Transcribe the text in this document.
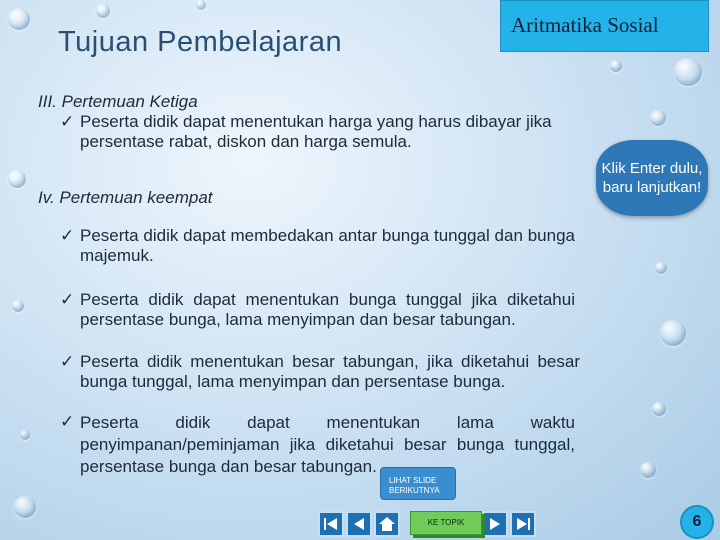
Tujuan Pembelajaran
Aritmatika Sosial
III. Pertemuan Ketiga
✓ Peserta didik dapat menentukan harga yang harus dibayar jika persentase rabat, diskon dan harga semula.
Iv. Pertemuan keempat
✓ Peserta didik dapat membedakan antar bunga tunggal dan bunga majemuk.
✓ Peserta didik dapat menentukan bunga tunggal jika diketahui persentase bunga, lama menyimpan dan besar tabungan.
✓ Peserta didik menentukan besar tabungan, jika diketahui besar bunga tunggal, lama menyimpan dan persentase bunga.
✓ Peserta didik dapat menentukan lama waktu penyimpanan/peminjaman jika diketahui besar bunga tunggal, persentase bunga dan besar tabungan.
Klik Enter dulu, baru lanjutkan!
LIHAT SLIDE BERIKUTNYA
KE TOPIK	6
